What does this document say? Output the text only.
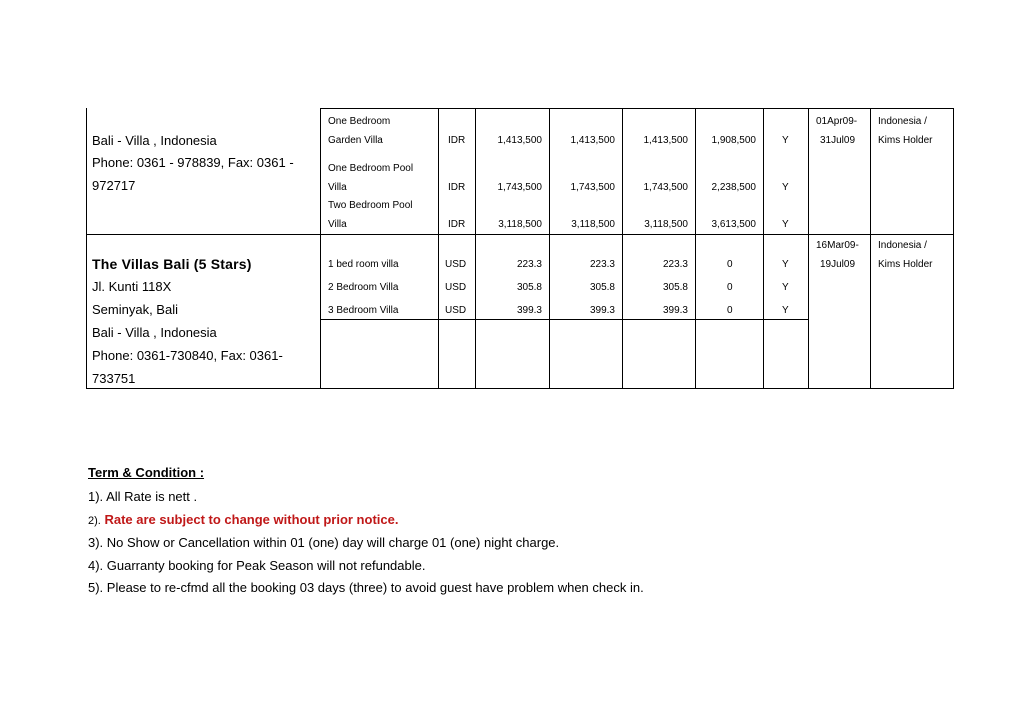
Bali - Villa , Indonesia
Phone: 0361 - 978839, Fax: 0361 -
972717
One Bedroom
Garden Villa	IDR	1,413,500	1,413,500	1,413,500 1,908,500	Y
One Bedroom Pool
Villa	IDR	1,743,500	1,743,500	1,743,500 2,238,500	Y
Two Bedroom Pool
Villa	IDR	3,118,500	3,118,500	3,118,500 3,613,500	Y
01Apr09-
31Jul09
Indonesia /
Kims Holder
The Villas Bali (5 Stars)
Jl. Kunti 118X
Seminyak, Bali
Bali - Villa , Indonesia
Phone: 0361-730840, Fax: 0361-
733751
1 bed room villa	USD	223.3	223.3	223.3	0	Y
2 Bedroom Villa	USD	305.8	305.8	305.8	0	Y
3 Bedroom Villa	USD	399.3	399.3	399.3	0	Y
16Mar09-
19Jul09
Indonesia /
Kims Holder
Term & Condition :
1). All Rate is nett .
2). Rate are subject to change without prior notice.
3). No Show or Cancellation within 01 (one) day will charge 01 (one) night charge.
4). Guarranty booking for Peak Season will not refundable.
5). Please to re-cfmd all the booking 03 days (three) to avoid guest have problem when check in.
